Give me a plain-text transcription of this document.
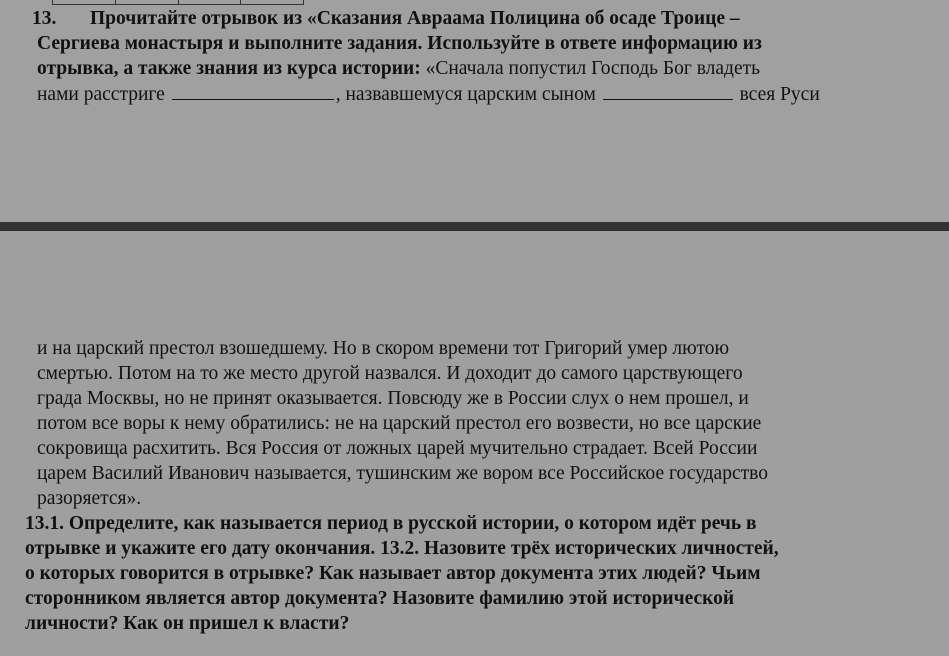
13. Прочитайте отрывок из «Сказания Авраама Полицина об осаде Троице –
Сергиева монастыря и выполните задания. Используйте в ответе информацию из
отрывка, а также знания из курса истории: «Сначала попустил Господь Бог владеть
нами расстриге	, назвавшемуся царским сыном	всея Руси
и на царский престол взошедшему. Но в скором времени тот Григорий умер лютою
смертью. Потом на то же место другой назвался. И доходит до самого царствующего
града Москвы, но не принят оказывается. Повсюду же в России слух о нем прошел, и
потом все воры к нему обратились: не на царский престол его возвести, но все царские
сокровища расхитить. Вся Россия от ложных царей мучительно страдает. Всей России
царем Василий Иванович называется, тушинским же вором все Российское государство
разоряется».
13.1. Определите, как называется период в русской истории, о котором идёт речь в
отрывке и укажите его дату окончания. 13.2. Назовите трёх исторических личностей,
о которых говорится в отрывке? Как называет автор документа этих людей? Чьим
сторонником является автор документа? Назовите фамилию этой исторической
личности? Как он пришел к власти?
